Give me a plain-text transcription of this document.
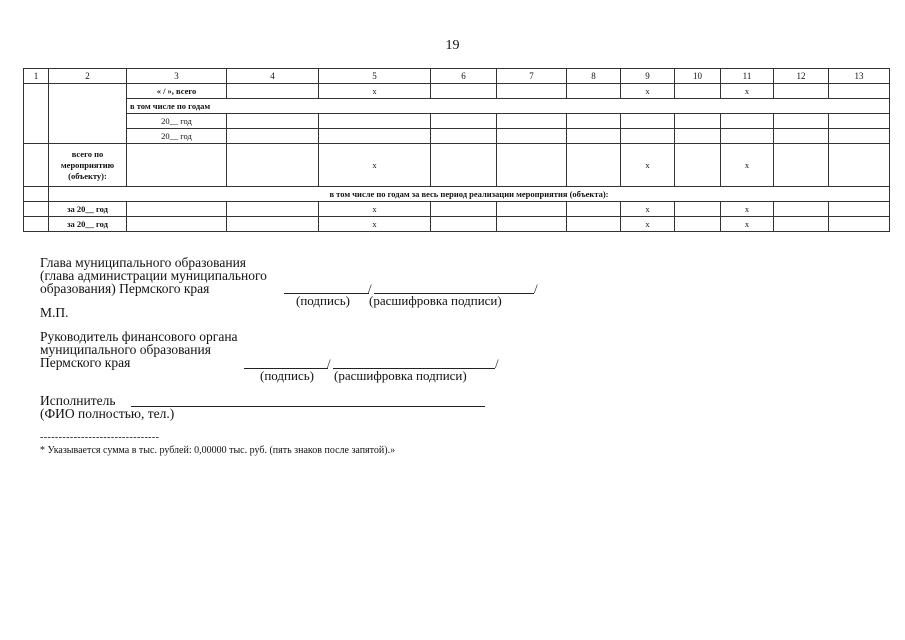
19
1	2	3	4	5	6	7	8	9	10	11	12	13
		« / », всего		х				х		х		
		в том числе по годам										
		20__ год										
		20__ год										
	всего по мероприятию (объекту):			х				х		х		
	в том числе по годам за весь период реализации мероприятия (объекта):											
	за 20__ год			х				х		х		
	за 20__ год			х				х		х		
Глава муниципального образования
(глава администрации муниципального
образования) Пермского края	/	/
(подпись) (расшифровка подписи)
М.П.
Руководитель финансового органа
муниципального образования
Пермского края	/	/
(подпись) (расшифровка подписи)
Исполнитель
(ФИО полностью, тел.)
--------------------------------
* Указывается сумма в тыс. рублей: 0,00000 тыс. руб. (пять знаков после запятой).»
